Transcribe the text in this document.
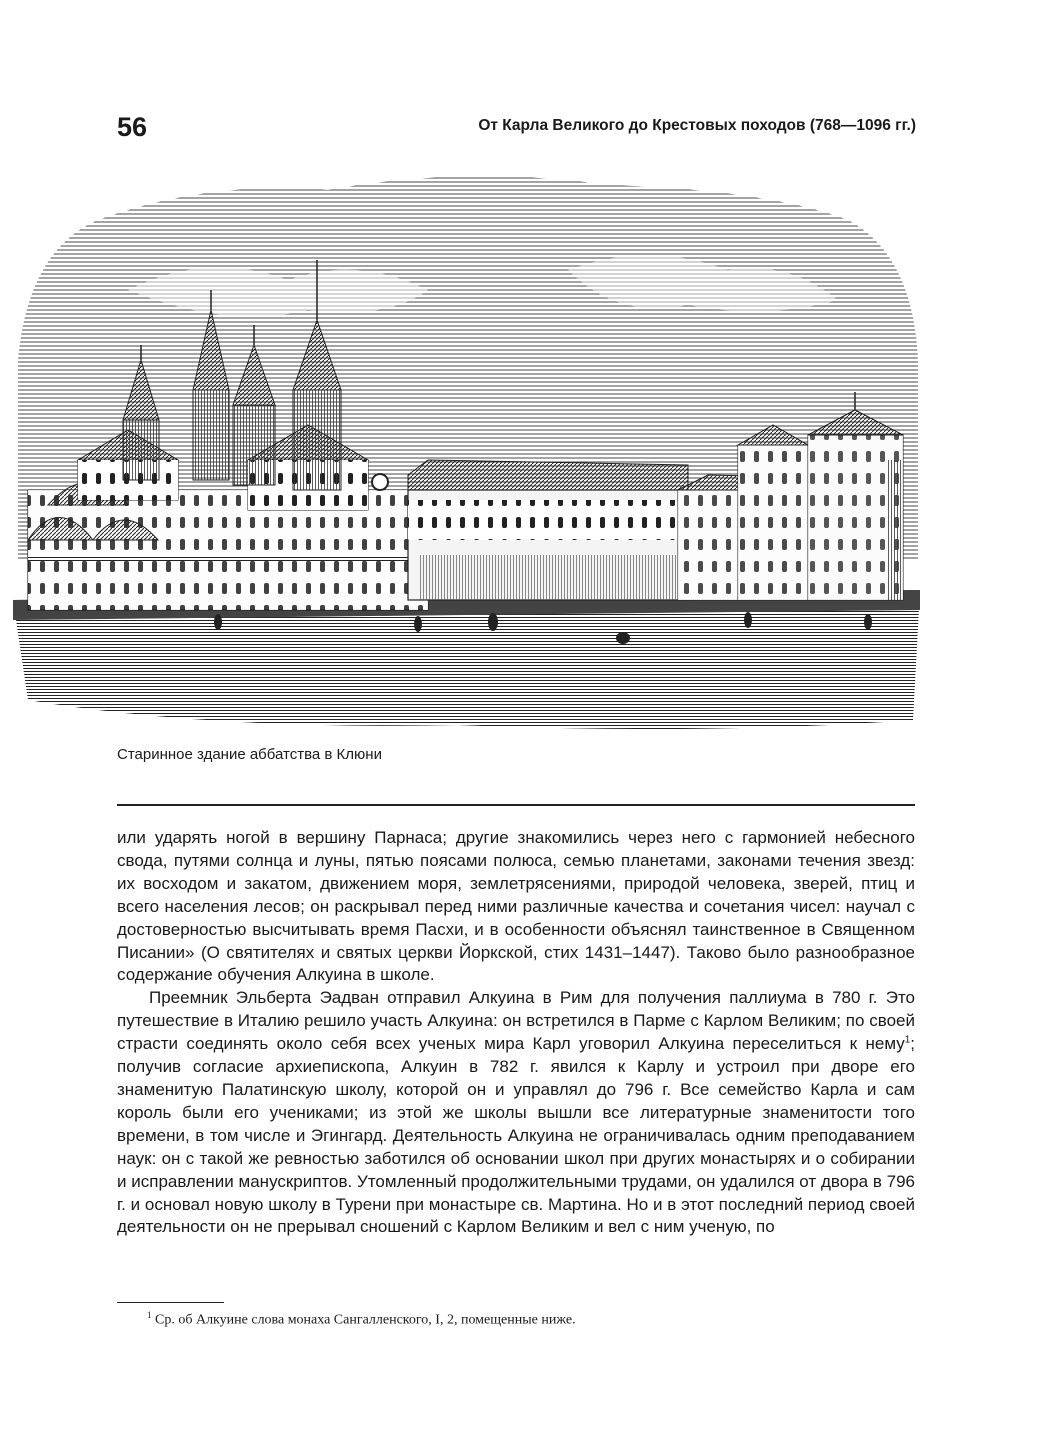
56	От Карла Великого до Крестовых походов (768—1096 гг.)
Старинное здание аббатства в Клюни

или ударять ногой в вершину Парнаса; другие знакомились через него с гармонией небесного свода, путями солнца и луны, пятью поясами полюса, семью планетами, законами течения звезд: их восходом и закатом, движением моря, землетрясениями, природой человека, зверей, птиц и всего населения лесов; он раскрывал перед ними различные качества и сочетания чисел: научал с достоверностью высчитывать время Пасхи, и в особенности объяснял таинственное в Священном Писании» (О святителях и святых церкви Йоркской, стих 1431–1447). Таково было разнообразное содержание обучения Алкуина в школе.

Преемник Эльберта Эадван отправил Алкуина в Рим для получения паллиума в 780 г. Это путешествие в Италию решило участь Алкуина: он встретился в Парме с Карлом Великим; по своей страсти соединять около себя всех ученых мира Карл уговорил Алкуина переселиться к нему$^1$; получив согласие архиепископа, Алкуин в 782 г. явился к Карлу и устроил при дворе его знаменитую Палатинскую школу, которой он и управлял до 796 г. Все семейство Карла и сам король были его учениками; из этой же школы вышли все литературные знаменитости того времени, в том числе и Эгингард. Деятельность Алкуина не ограничивалась одним преподаванием наук: он с такой же ревностью заботился об основании школ при других монастырях и о собирании и исправлении манускриптов. Утомленный продолжительными трудами, он удалился от двора в 796 г. и основал новую школу в Турени при монастыре св. Мартина. Но и в этот последний период своей деятельности он не прерывал сношений с Карлом Великим и вел с ним ученую, по

$^1$ Ср. об Алкуине слова монаха Сангалленского, I, 2, помещенные ниже.
